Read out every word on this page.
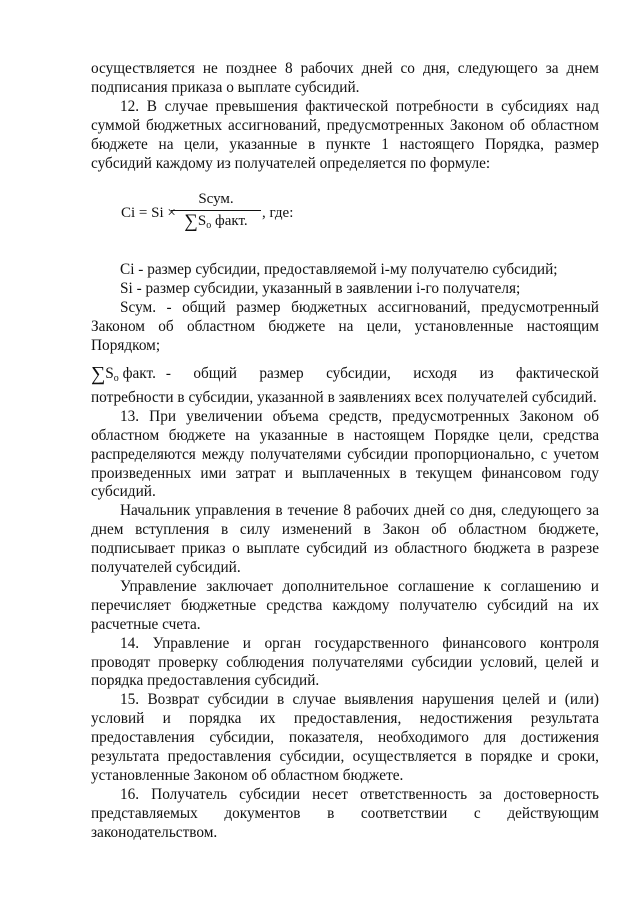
осуществляется не позднее 8 рабочих дней со дня, следующего за днем подписания приказа о выплате субсидий.

12. В случае превышения фактической потребности в субсидиях над суммой бюджетных ассигнований, предусмотренных Законом об областном бюджете на цели, указанные в пункте 1 настоящего Порядка, размер субсидий каждому из получателей определяется по формуле:

Ci = Si ×
Sсум.
$\sum S_о$ факт. , где:

Ci - размер субсидии, предоставляемой i-му получателю субсидий;

Si - размер субсидии, указанный в заявлении i-го получателя;

Sсум. - общий размер бюджетных ассигнований, предусмотренный Законом об областном бюджете на цели, установленные настоящим Порядком;

$\sum S_о$ факт. - общий размер субсидии, исходя из фактической

потребности в субсидии, указанной в заявлениях всех получателей субсидий.

13. При увеличении объема средств, предусмотренных Законом об областном бюджете на указанные в настоящем Порядке цели, средства распределяются между получателями субсидии пропорционально, с учетом произведенных ими затрат и выплаченных в текущем финансовом году субсидий.

Начальник управления в течение 8 рабочих дней со дня, следующего за днем вступления в силу изменений в Закон об областном бюджете, подписывает приказ о выплате субсидий из областного бюджета в разрезе получателей субсидий.

Управление заключает дополнительное соглашение к соглашению и перечисляет бюджетные средства каждому получателю субсидий на их расчетные счета.

14. Управление и орган государственного финансового контроля проводят проверку соблюдения получателями субсидии условий, целей и порядка предоставления субсидий.

15. Возврат субсидии в случае выявления нарушения целей и (или) условий и порядка их предоставления, недостижения результата предоставления субсидии, показателя, необходимого для достижения результата предоставления субсидии, осуществляется в порядке и сроки, установленные Законом об областном бюджете.

16. Получатель субсидии несет ответственность за достоверность представляемых документов в соответствии с действующим законодательством.
